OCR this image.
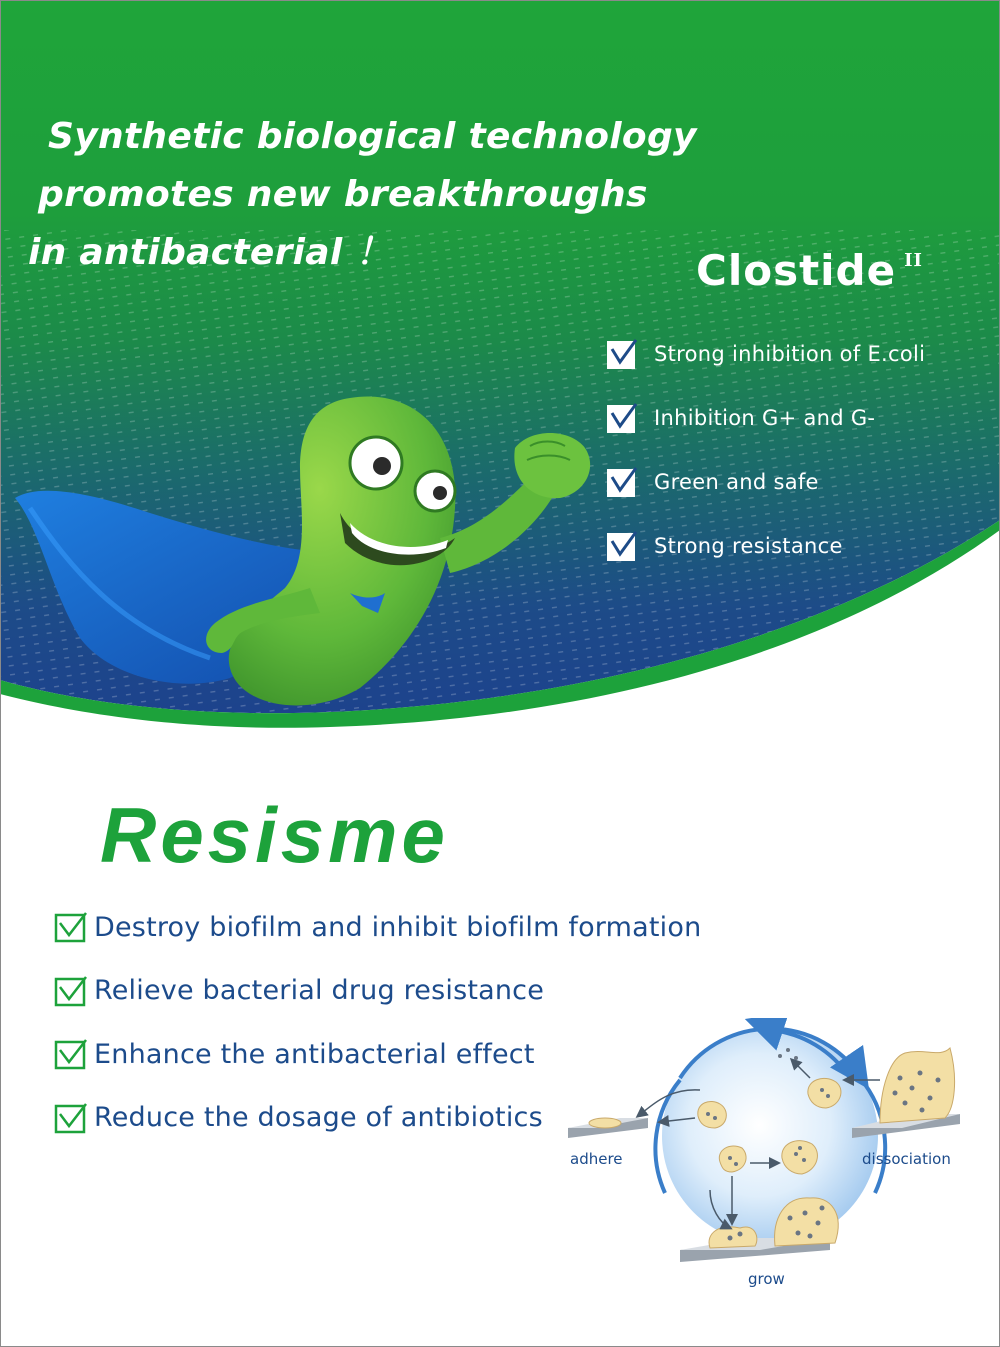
Synthetic biological technology
promotes new breakthroughs
in antibacterial ！	Clostide $^{II}$
Strong inhibition of E.coli
Inhibition G+ and G-
Green and safe
Strong resistance
Resisme
Destroy biofilm and inhibit biofilm formation
Relieve bacterial drug resistance
Enhance the antibacterial effect
Reduce the dosage of antibiotics
adhere	dissociation
grow
